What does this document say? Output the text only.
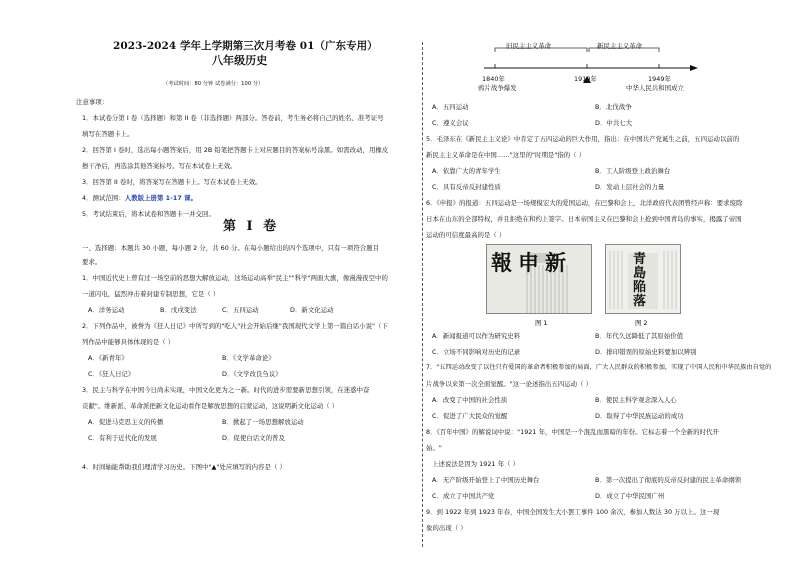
2023-2024 学年上学期第三次月考卷 01（广东专用）
八年级历史
（考试时间：80 分钟 试卷满分：100 分）
注意事项：
1．本试卷分第 I 卷（选择题）和第 II 卷（非选择题）两部分。答卷前，考生务必将自己的姓名、准考证号
填写在答题卡上。
2．回答第 I 卷时，选出每小题答案后，用 2B 铅笔把答题卡上对应题目的答案标号涂黑。如需改动，用橡皮
擦干净后，再选涂其他答案标号。写在本试卷上无效。
3．回答第 II 卷时，将答案写在答题卡上。写在本试卷上无效。
4．测试范围：人教版上册第 1-17 课。
5．考试结束后，将本试卷和答题卡一并交回。
第 I 卷
一、选择题：本题共 30 小题，每小题 2 分，共 60 分。在每小题给出的四个选项中，只有一项符合题目
要求。
1．中国近代史上曾有过一场空前的思想大解放运动，这场运动高举"民主""科学"两面大旗，像漫漫夜空中的
一道闪电，猛烈冲击着封建专制思想，它是（ ）
A．洋务运动	B．戊戌变法	C．五四运动	D．新文化运动
2．下列作品中，被誉为《狂人日记》中所写到的"吃人"社会开始后继"我国现代文学上第一篇白话小说"（下
列作品中能够具体体现的是（ ）
A．《新青年》	B．《文学革命论》
C．《狂人日记》	D．《文学改良刍议》
3．民主与科学在中国今日尚未实现，中国文化更为之一新。时代的进步需要新思想引领，在迷惑中奋
贡献"。维新派、革命派把新文化运动看作是解放思想的启蒙运动，这说明新文化运动（ ）
A．促进马克思主义的传播	B．掀起了一场思想解放运动
C．有利于近代化的发展	D．促使白话文的普及
4．时间轴能帮助我们理清学习历史。下图中"▲"处应填写的内容是（ ）
旧民主主义革命	新民主主义革命
1840年
鸦片战争爆发
1919年	1949年
中华人民共和国成立
A．五四运动	B．北伐战争
C．遵义会议	D．中共七大
5．毛泽东在《新民主主义论》中肯定了五四运动的巨大作用，指出：在中国共产党诞生之前，五四运动以前的
新民主主义革命是在中国……"这里的"时期是"指的（ ）
A．依靠广大的青年学生	B．工人阶级登上政治舞台
C．具有反帝反封建性质	D．发动上层社会的力量
6．《申报》的报道：五四运动是一场规模宏大的爱国运动，在巴黎和会上，北洋政府代表团曾经声称：要求废除
日本在山东的全部特权，并且拒绝在和约上签字。日本帝国主义在巴黎和会上抢到中国青岛的事实，揭露了帝国
运动的可信度最高的是（ ）
報申新
图 1
青島陥落
图 2
A．新闻报道可以作为研究史料	B．年代久远降低了其原始价值
C．立场不同影响对历史的记录	D．排印错误的原始史料要加以辨别
7．"五四运动改变了以往只有爱国的革命者积极参加的局面，广大人民群众的积极参加，实现了中国人民和中华民族由自觉的
片战争以来第一次全面觉醒。"这一论述指出五四运动（ ）
A．改变了中国的社会性质	B．使民主科学观念深入人心
C．促进了广大民众的觉醒	D．取得了中华民族运动的成功
8．《百年中国》的解说词中说："1921 年，中国是一个混乱而黑暗的年份。它标志着一个全新的时代开
始。"
上述说法是因为 1921 年（ ）
A．无产阶级开始登上了中国历史舞台	B．第一次提出了彻底的反帝反封建的民主革命纲领
C．成立了中国共产党	D．成立了中华民国广州
9．到 1922 年到 1923 年春，中国全国发生大小罢工事件 100 余次，参加人数达 30 万以上。这一现
象的出现（ ）
